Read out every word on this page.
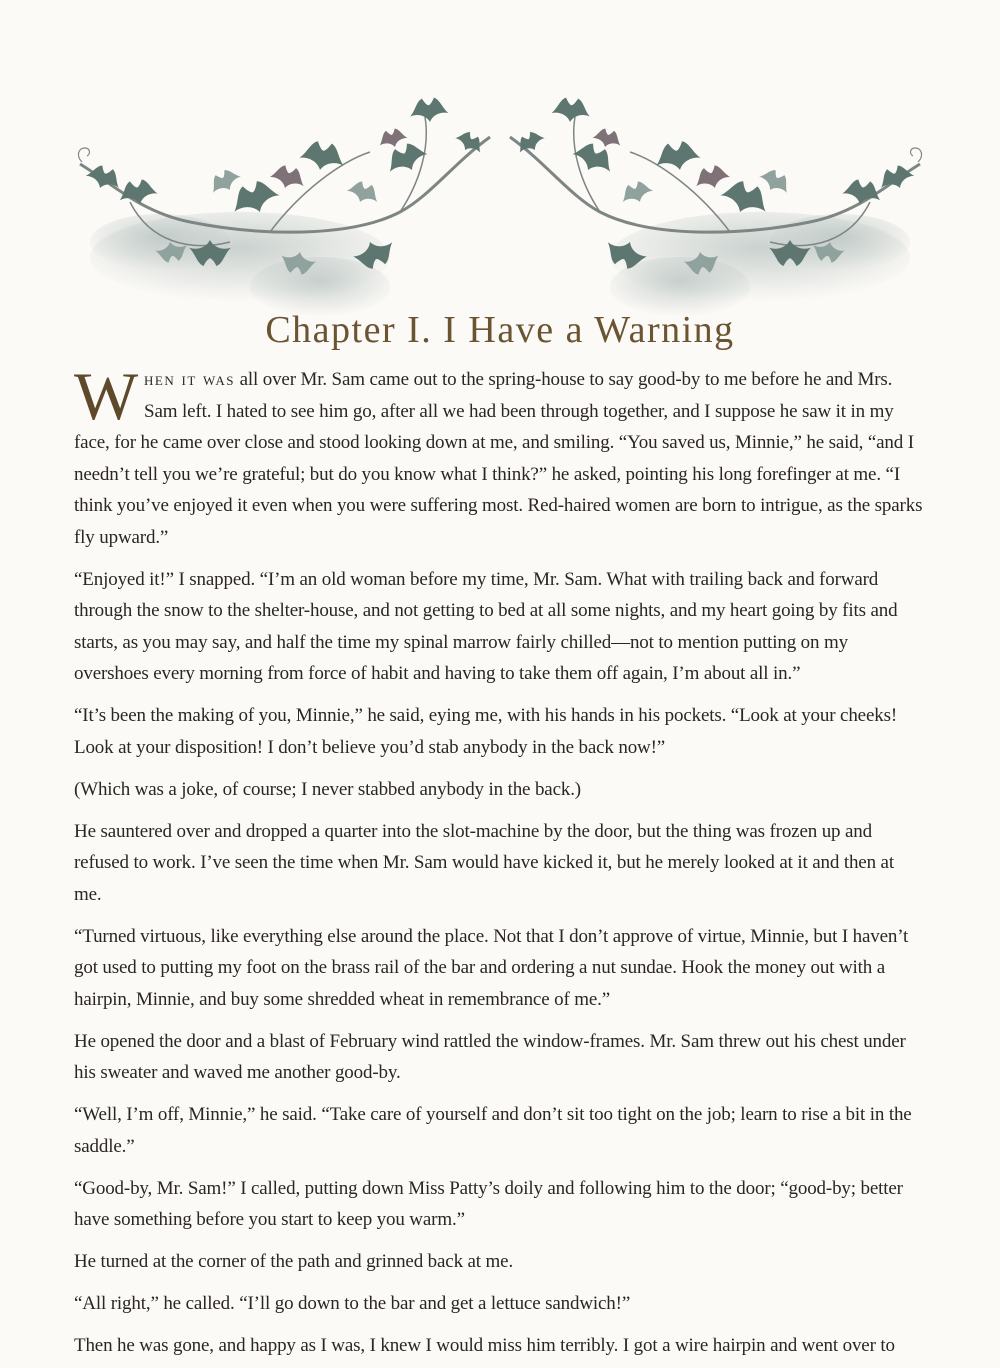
Chapter I. I Have a Warning

When it was all over Mr. Sam came out to the spring-house to say good-by to me before he and Mrs. Sam left. I hated to see him go, after all we had been through together, and I suppose he saw it in my face, for he came over close and stood looking down at me, and smiling. “You saved us, Minnie,” he said, “and I needn’t tell you we’re grateful; but do you know what I think?” he asked, pointing his long forefinger at me. “I think you’ve enjoyed it even when you were suffering most. Red-haired women are born to intrigue, as the sparks fly upward.”

“Enjoyed it!” I snapped. “I’m an old woman before my time, Mr. Sam. What with trailing back and forward through the snow to the shelter-house, and not getting to bed at all some nights, and my heart going by fits and starts, as you may say, and half the time my spinal marrow fairly chilled—not to mention putting on my overshoes every morning from force of habit and having to take them off again, I’m about all in.”

“It’s been the making of you, Minnie,” he said, eying me, with his hands in his pockets. “Look at your cheeks! Look at your disposition! I don’t believe you’d stab anybody in the back now!”

(Which was a joke, of course; I never stabbed anybody in the back.)

He sauntered over and dropped a quarter into the slot-machine by the door, but the thing was frozen up and refused to work. I’ve seen the time when Mr. Sam would have kicked it, but he merely looked at it and then at me.

“Turned virtuous, like everything else around the place. Not that I don’t approve of virtue, Minnie, but I haven’t got used to putting my foot on the brass rail of the bar and ordering a nut sundae. Hook the money out with a hairpin, Minnie, and buy some shredded wheat in remembrance of me.”

He opened the door and a blast of February wind rattled the window-frames. Mr. Sam threw out his chest under his sweater and waved me another good-by.

“Well, I’m off, Minnie,” he said. “Take care of yourself and don’t sit too tight on the job; learn to rise a bit in the saddle.”

“Good-by, Mr. Sam!” I called, putting down Miss Patty’s doily and following him to the door; “good-by; better have something before you start to keep you warm.”

He turned at the corner of the path and grinned back at me.

“All right,” he called. “I’ll go down to the bar and get a lettuce sandwich!”

Then he was gone, and happy as I was, I knew I would miss him terribly. I got a wire hairpin and went over to
